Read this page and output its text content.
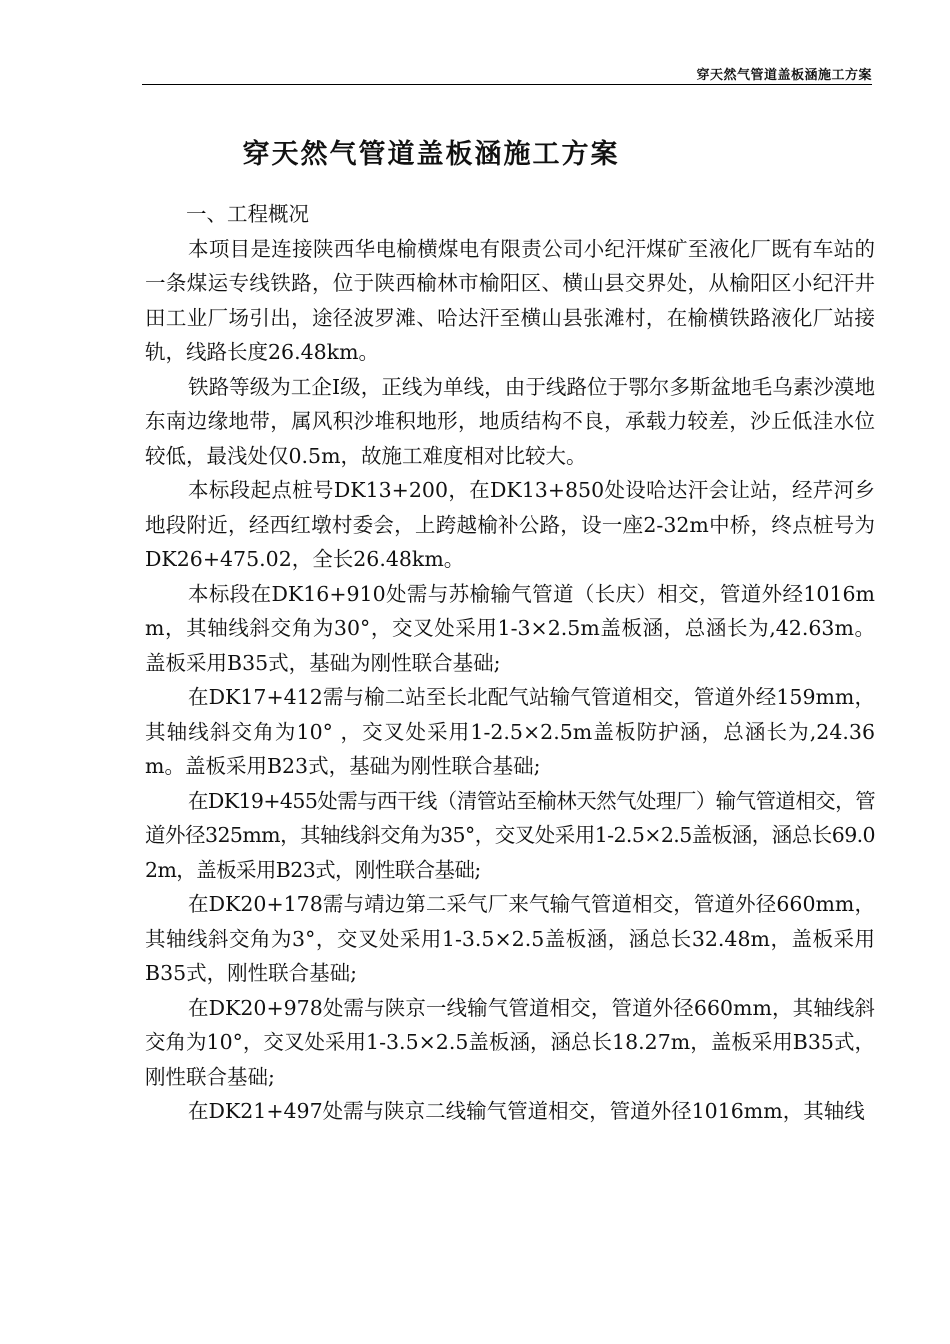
穿天然气管道盖板涵施工方案
穿天然气管道盖板涵施工方案

一、工程概况

本项目是连接陕西华电榆横煤电有限责公司小纪汗煤矿至液化厂既有车站的一条煤运专线铁路，位于陕西榆林市榆阳区、横山县交界处，从榆阳区小纪汗井田工业厂场引出，途径波罗滩、哈达汗至横山县张滩村，在榆横铁路液化厂站接轨，线路长度26.48km。

铁路等级为工企Ⅰ级，正线为单线，由于线路位于鄂尔多斯盆地毛乌素沙漠地东南边缘地带，属风积沙堆积地形，地质结构不良，承载力较差，沙丘低洼水位较低，最浅处仅0.5m，故施工难度相对比较大。

本标段起点桩号DK13+200，在DK13+850处设哈达汗会让站，经芹河乡地段附近，经西红墩村委会，上跨越榆补公路，设一座2-32m中桥，终点桩号为DK26+475.02，全长26.48km。

本标段在DK16+910处需与苏榆输气管道（长庆）相交，管道外经1016mm，其轴线斜交角为30°，交叉处采用1-3×2.5m盖板涵，总涵长为,42.63m。盖板采用B35式，基础为刚性联合基础;

在DK17+412需与榆二站至长北配气站输气管道相交，管道外经159mm，其轴线斜交角为10° ，交叉处采用1-2.5×2.5m盖板防护涵，总涵长为,24.36m。盖板采用B23式，基础为刚性联合基础;

在DK19+455处需与西干线（清管站至榆林天然气处理厂）输气管道相交，管道外径325mm，其轴线斜交角为35°，交叉处采用1-2.5×2.5盖板涵，涵总长69.02m，盖板采用B23式，刚性联合基础;

在DK20+178需与靖边第二采气厂来气输气管道相交，管道外径660mm，其轴线斜交角为3°，交叉处采用1-3.5×2.5盖板涵，涵总长32.48m，盖板采用B35式，刚性联合基础;

在DK20+978处需与陕京一线输气管道相交，管道外径660mm，其轴线斜交角为10°，交叉处采用1-3.5×2.5盖板涵，涵总长18.27m，盖板采用B35式，刚性联合基础;

在DK21+497处需与陕京二线输气管道相交，管道外径1016mm，其轴线
